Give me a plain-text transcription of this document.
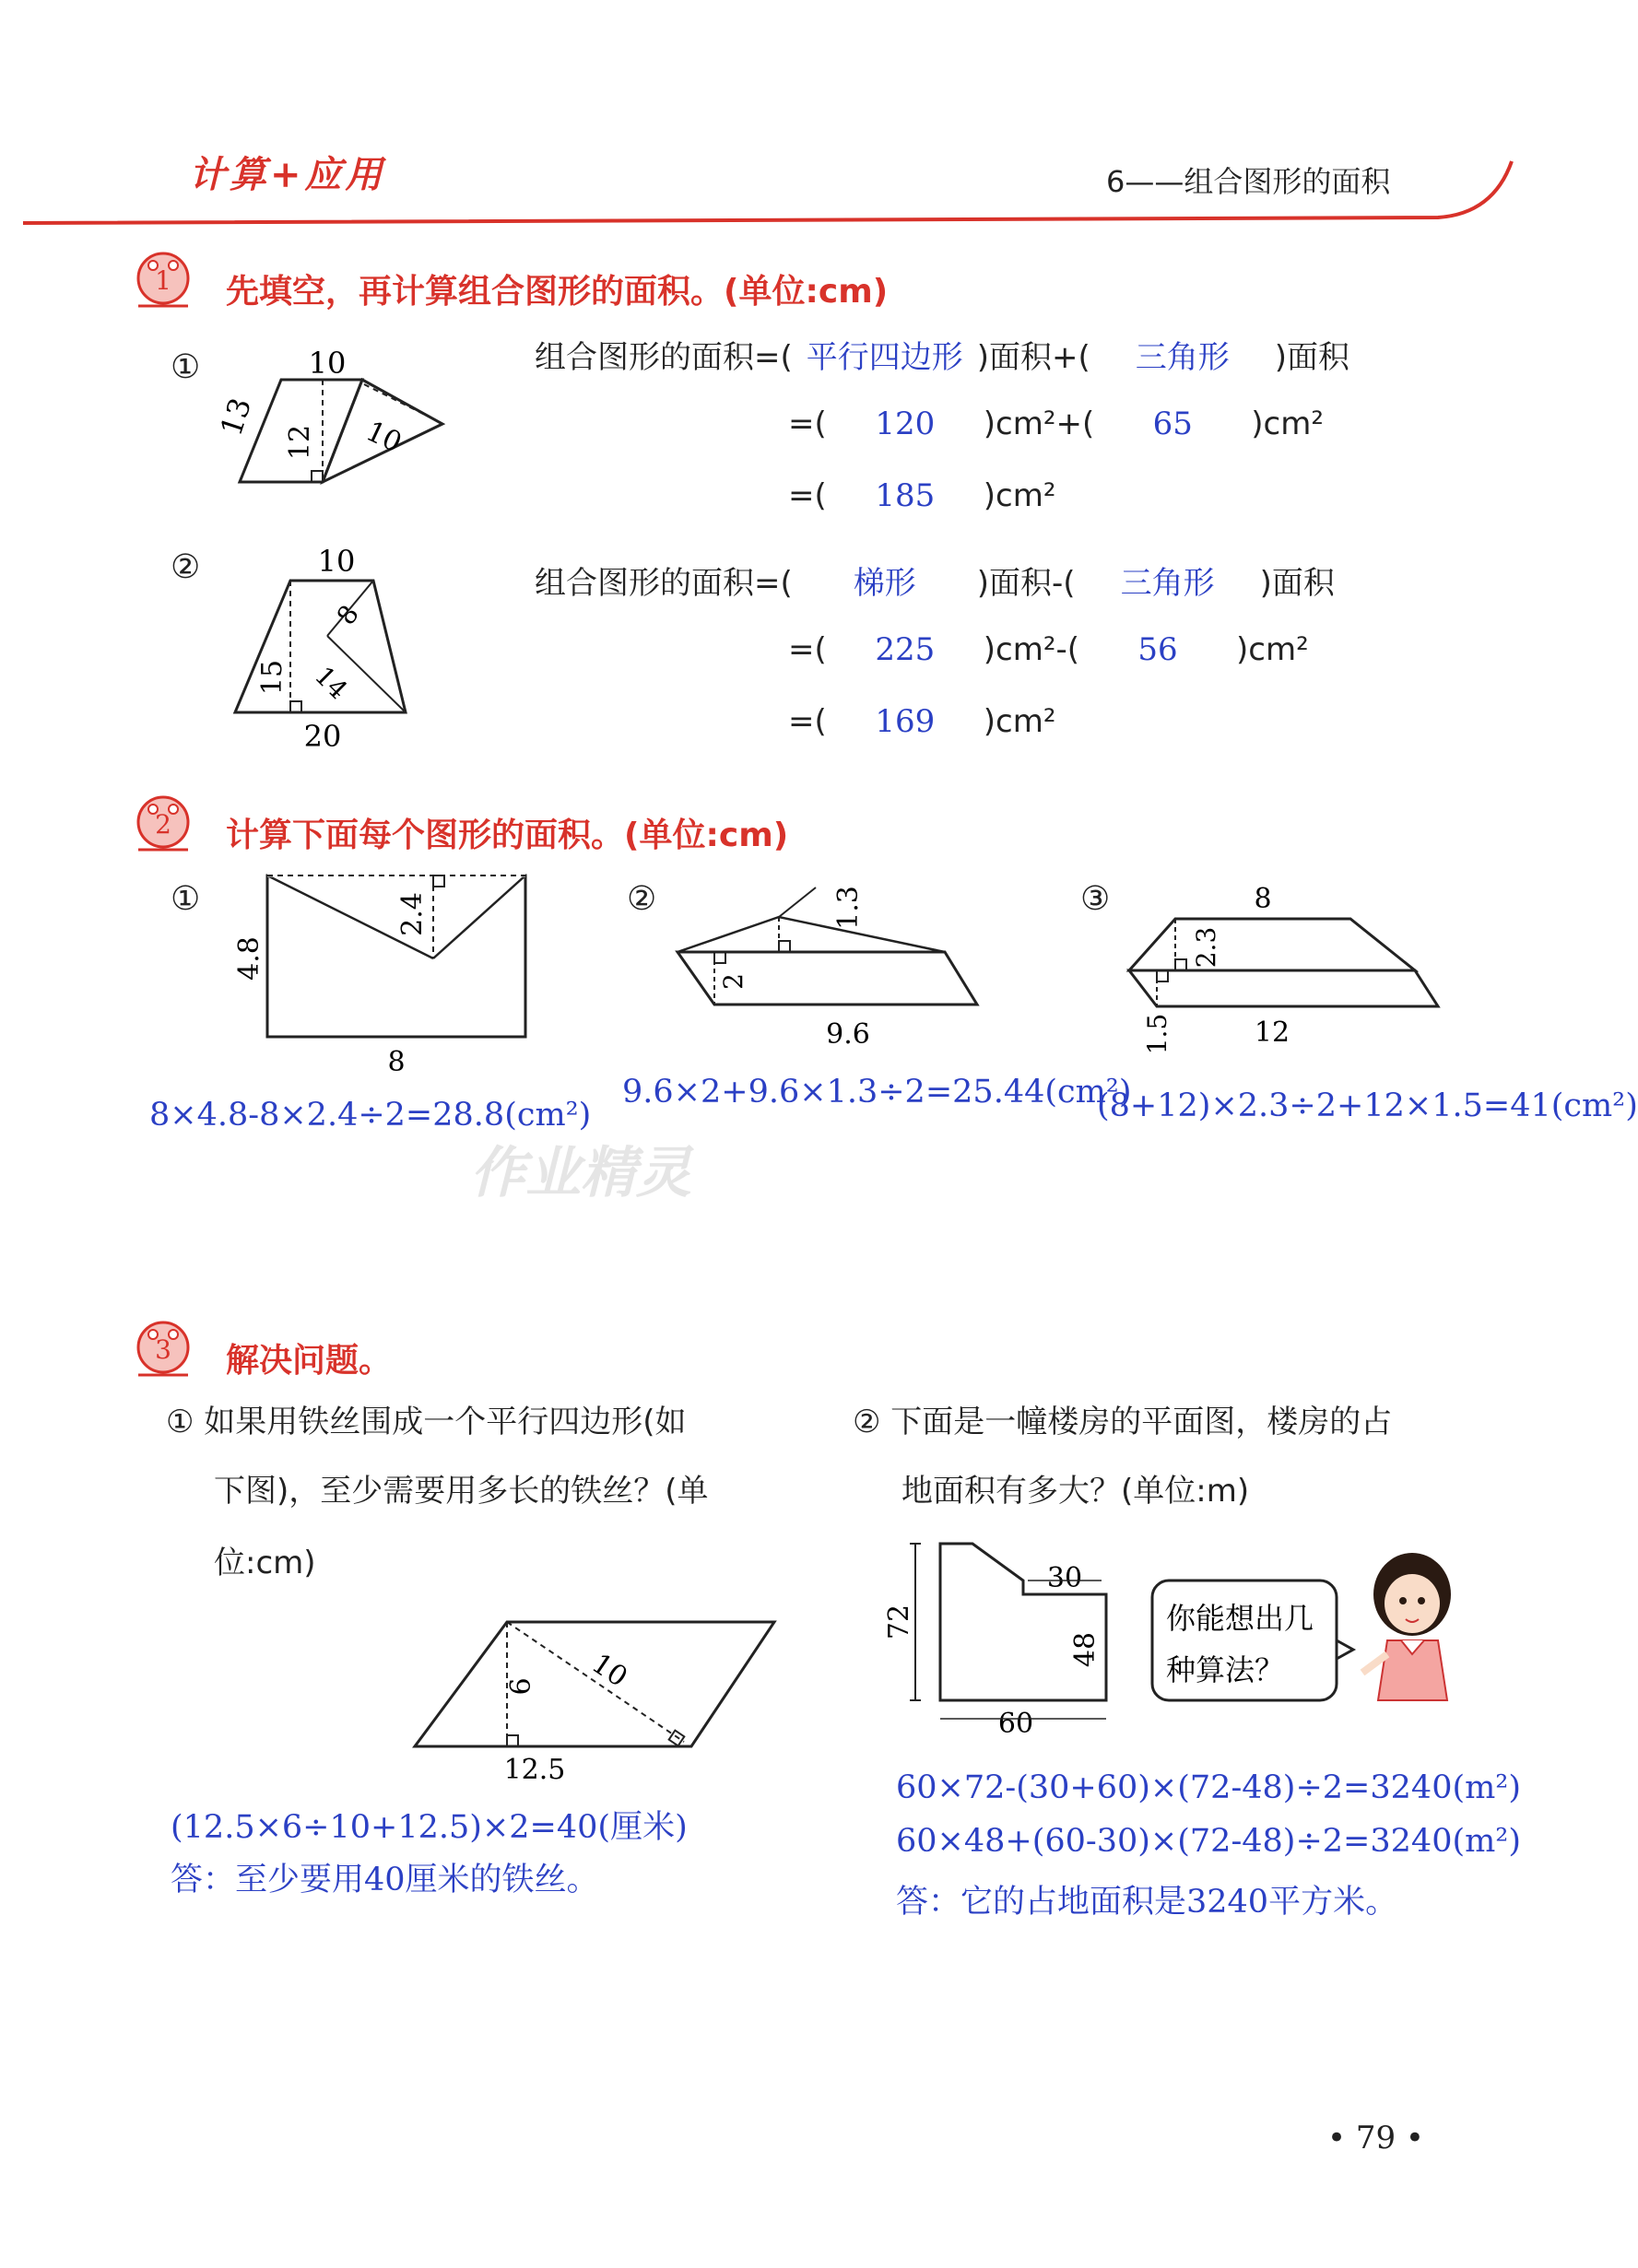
计算+应用	6——组合图形的面积
1 先填空，再计算组合图形的面积。(单位:cm)
①	10
13
12 10
组合图形的面积=( 平行四边形 )面积+( 三角形 )面积
=( 120 )cm²+( 65 )cm²
=( 185 )cm²
②	10
8
15 14
20
组合图形的面积=( 梯形 )面积-( 三角形 )面积
=( 225 )cm²-( 56 )cm²
=( 169 )cm²
2 计算下面每个图形的面积。(单位:cm)
①	2.4
4.8
8
8×4.8-8×2.4÷2=28.8(cm²)
②	1.3
2
9.6
9.6×2+9.6×1.3÷2=25.44(cm²)
③	8
2.3
1.5	12
(8+12)×2.3÷2+12×1.5=41(cm²)
作业精灵
3 解决问题。
① 如果用铁丝围成一个平行四边形(如
下图)，至少需要用多长的铁丝？(单
位:cm)
6 10
12.5
(12.5×6÷10+12.5)×2=40(厘米)
答：至少要用40厘米的铁丝。
② 下面是一幢楼房的平面图，楼房的占
地面积有多大？(单位:m)
72
30
48
60
你能想出几
种算法？
60×72-(30+60)×(72-48)÷2=3240(m²)
60×48+(60-30)×(72-48)÷2=3240(m²)
答：它的占地面积是3240平方米。
• 79 •
